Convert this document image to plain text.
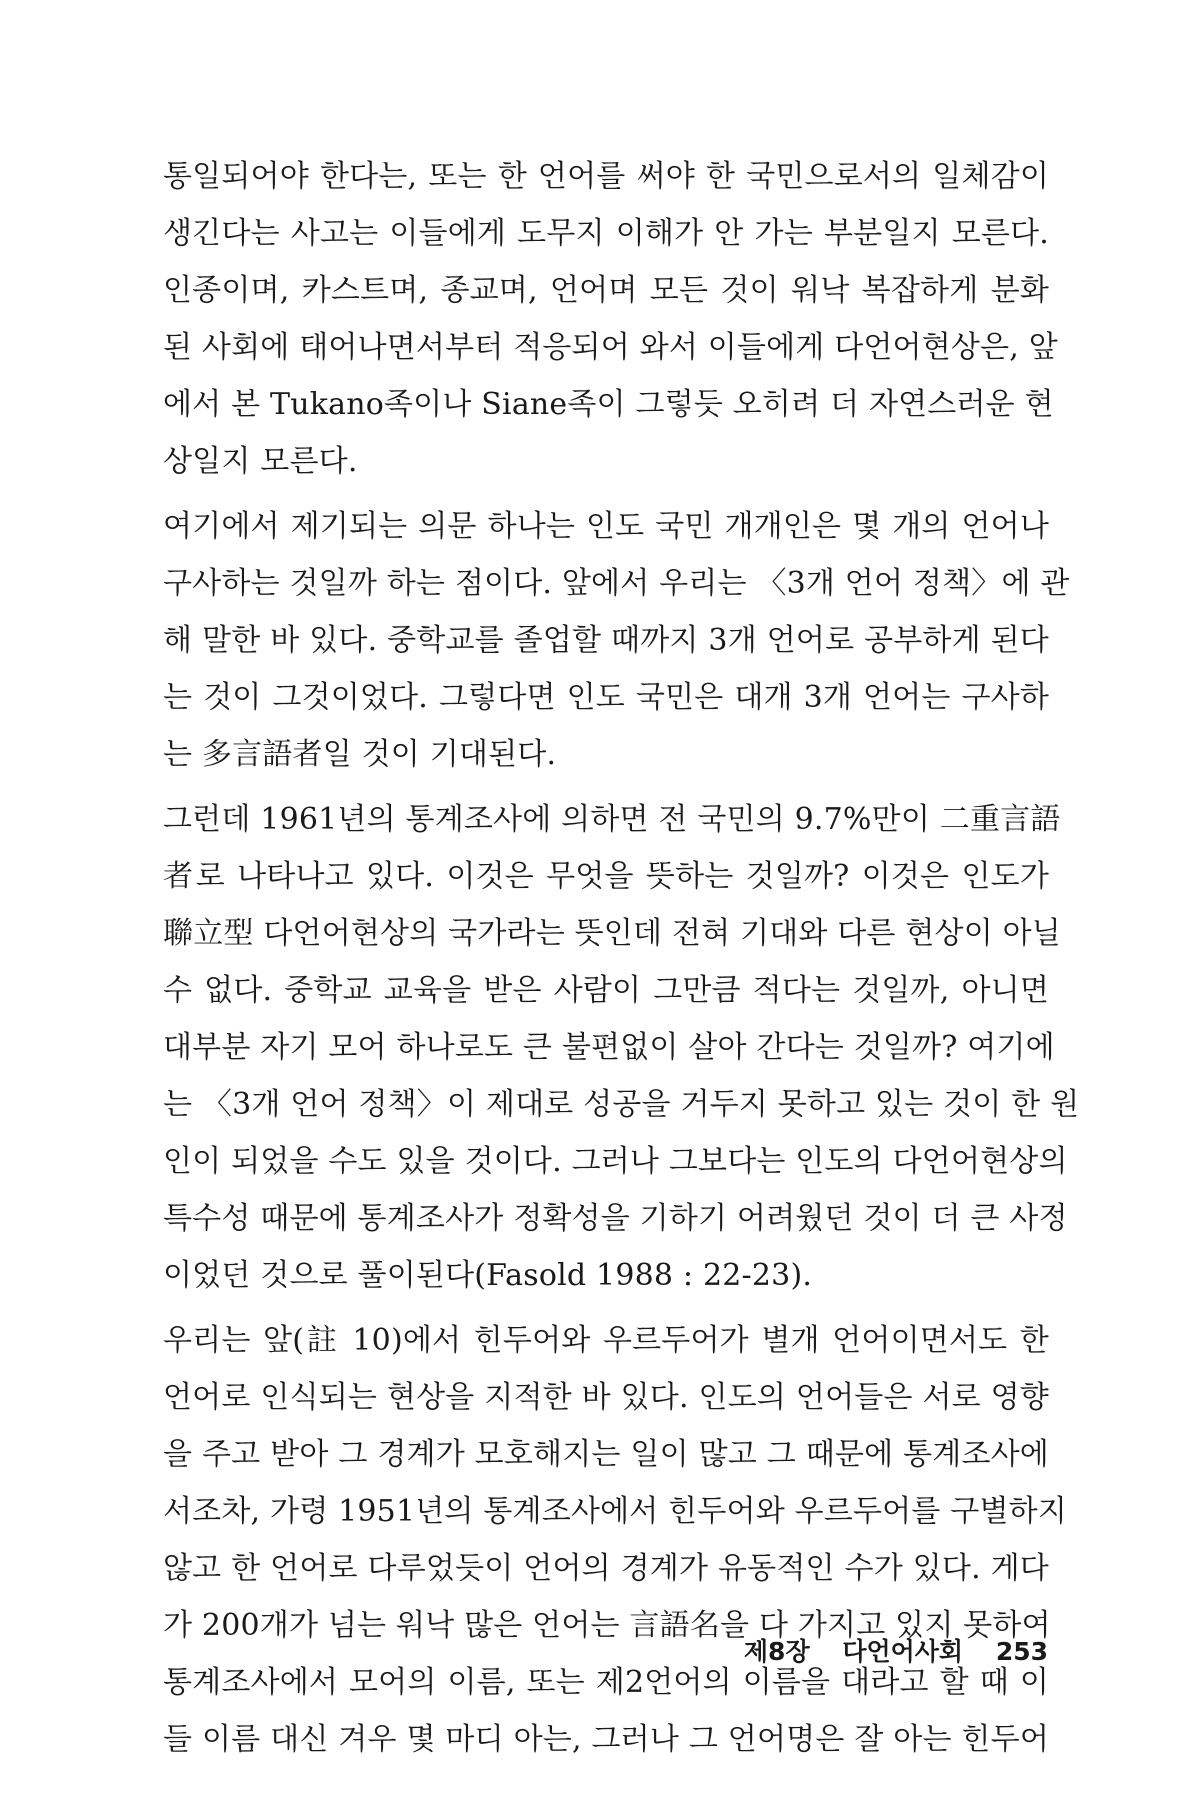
통일되어야 한다는, 또는 한 언어를 써야 한 국민으로서의 일체감이
생긴다는 사고는 이들에게 도무지 이해가 안 가는 부분일지 모른다.
인종이며, 카스트며, 종교며, 언어며 모든 것이 워낙 복잡하게 분화
된 사회에 태어나면서부터 적응되어 와서 이들에게 다언어현상은, 앞
에서 본 Tukano족이나 Siane족이 그렇듯 오히려 더 자연스러운 현
상일지 모른다.
여기에서 제기되는 의문 하나는 인도 국민 개개인은 몇 개의 언어나
구사하는 것일까 하는 점이다. 앞에서 우리는 〈3개 언어 정책〉에 관
해 말한 바 있다. 중학교를 졸업할 때까지 3개 언어로 공부하게 된다
는 것이 그것이었다. 그렇다면 인도 국민은 대개 3개 언어는 구사하
는 多言語者일 것이 기대된다.
그런데 1961년의 통계조사에 의하면 전 국민의 9.7%만이 二重言語
者로 나타나고 있다. 이것은 무엇을 뜻하는 것일까? 이것은 인도가
聯立型 다언어현상의 국가라는 뜻인데 전혀 기대와 다른 현상이 아닐
수 없다. 중학교 교육을 받은 사람이 그만큼 적다는 것일까, 아니면
대부분 자기 모어 하나로도 큰 불편없이 살아 간다는 것일까? 여기에
는 〈3개 언어 정책〉이 제대로 성공을 거두지 못하고 있는 것이 한 원
인이 되었을 수도 있을 것이다. 그러나 그보다는 인도의 다언어현상의
특수성 때문에 통계조사가 정확성을 기하기 어려웠던 것이 더 큰 사정
이었던 것으로 풀이된다(Fasold 1988 : 22-23).
우리는 앞(註 10)에서 힌두어와 우르두어가 별개 언어이면서도 한
언어로 인식되는 현상을 지적한 바 있다. 인도의 언어들은 서로 영향
을 주고 받아 그 경계가 모호해지는 일이 많고 그 때문에 통계조사에
서조차, 가령 1951년의 통계조사에서 힌두어와 우르두어를 구별하지
않고 한 언어로 다루었듯이 언어의 경계가 유동적인 수가 있다. 게다
가 200개가 넘는 워낙 많은 언어는 言語名을 다 가지고 있지 못하여
통계조사에서 모어의 이름, 또는 제2언어의 이름을 대라고 할 때 이
들 이름 대신 겨우 몇 마디 아는, 그러나 그 언어명은 잘 아는 힌두어
제8장 다언어사회 253
